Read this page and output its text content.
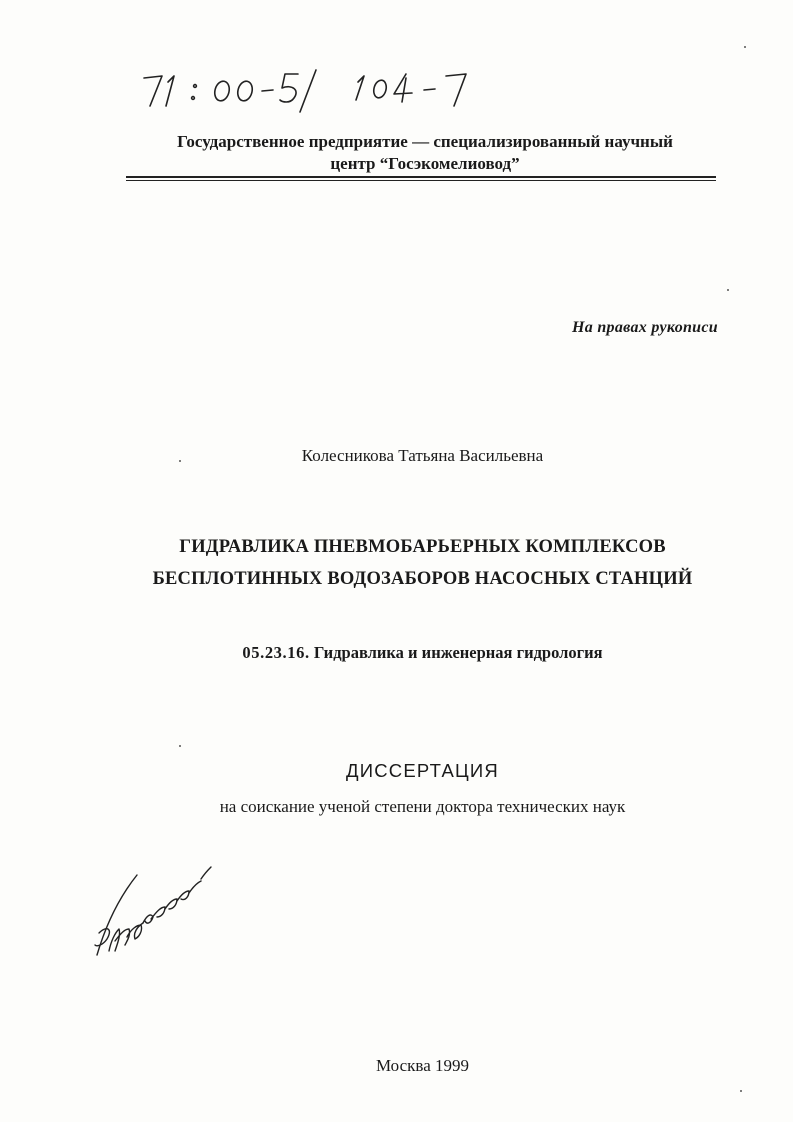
Государственное предприятие — специализированный научный
центр “Госэкомелиовод”
На правах рукописи
Колесникова Татьяна Васильевна
ГИДРАВЛИКА ПНЕВМОБАРЬЕРНЫХ КОМПЛЕКСОВ
БЕСПЛОТИННЫХ ВОДОЗАБОРОВ НАСОСНЫХ СТАНЦИЙ
05.23.16. Гидравлика и инженерная гидрология
ДИССЕРТАЦИЯ
на соискание ученой степени доктора технических наук
Москва 1999
